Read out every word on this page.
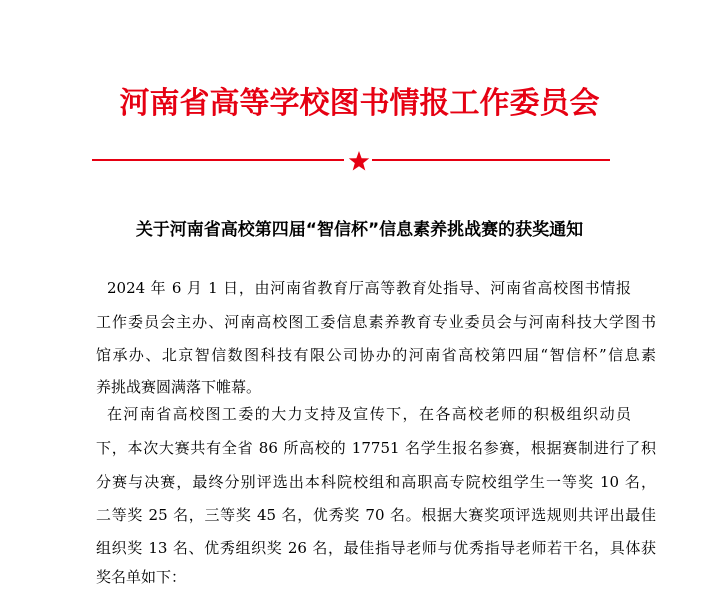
河南省高等学校图书情报工作委员会
关于河南省高校第四届“智信杯”信息素养挑战赛的获奖通知
2024 年 6 月 1 日，由河南省教育厅高等教育处指导、河南省高校图书情报
工作委员会主办、河南高校图工委信息素养教育专业委员会与河南科技大学图书
馆承办、北京智信数图科技有限公司协办的河南省高校第四届“智信杯”信息素
养挑战赛圆满落下帷幕。
在河南省高校图工委的大力支持及宣传下，在各高校老师的积极组织动员
下，本次大赛共有全省 86 所高校的 17751 名学生报名参赛，根据赛制进行了积
分赛与决赛，最终分别评选出本科院校组和高职高专院校组学生一等奖 10 名，
二等奖 25 名，三等奖 45 名，优秀奖 70 名。根据大赛奖项评选规则共评出最佳
组织奖 13 名、优秀组织奖 26 名，最佳指导老师与优秀指导老师若干名，具体获
奖名单如下：
